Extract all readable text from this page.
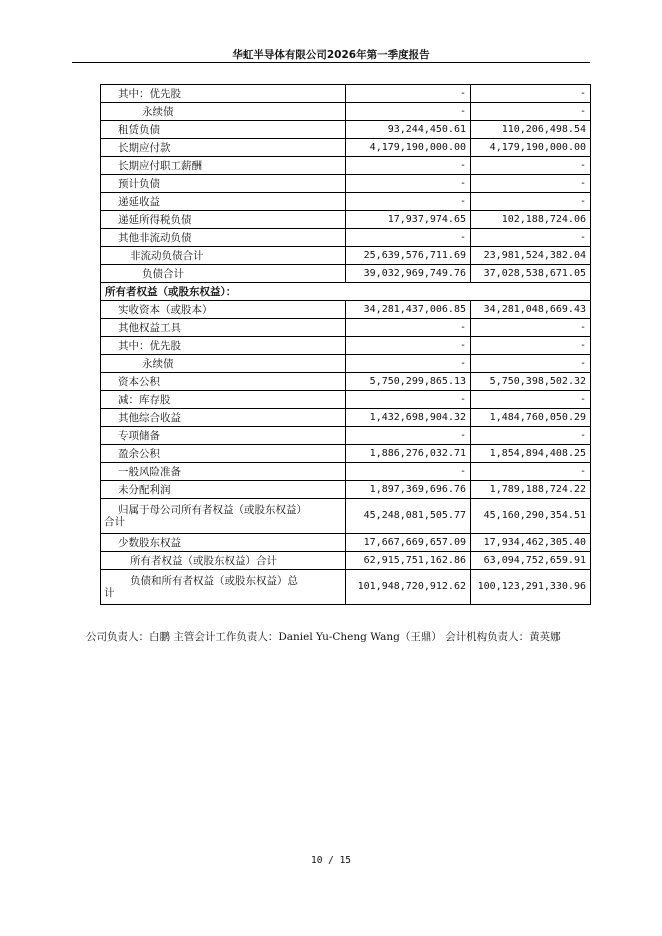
华虹半导体有限公司2026年第一季度报告
其中：优先股	-	-
永续债	-	-
租赁负债	93,244,450.61	110,206,498.54
长期应付款	4,179,190,000.00	4,179,190,000.00
长期应付职工薪酬	-	-
预计负债	-	-
递延收益	-	-
递延所得税负债	17,937,974.65	102,188,724.06
其他非流动负债	-	-
非流动负债合计	25,639,576,711.69	23,981,524,382.04
负债合计	39,032,969,749.76	37,028,538,671.05
所有者权益（或股东权益）：		
实收资本（或股本）	34,281,437,006.85	34,281,048,669.43
其他权益工具	-	-
其中：优先股	-	-
永续债	-	-
资本公积	5,750,299,865.13	5,750,398,502.32
减：库存股	-	-
其他综合收益	1,432,698,904.32	1,484,760,050.29
专项储备	-	-
盈余公积	1,886,276,032.71	1,854,894,408.25
一般风险准备	-	-
未分配利润	1,897,369,696.76	1,789,188,724.22

归属于母公司所有者权益（或股东权益）
合计	45,248,081,505.77	45,160,290,354.51
少数股东权益	17,667,669,657.09	17,934,462,305.40
所有者权益（或股东权益）合计	62,915,751,162.86	63,094,752,659.91

负债和所有者权益（或股东权益）总
计	101,948,720,912.62	100,123,291,330.96
公司负责人：白鹏 主管会计工作负责人：Daniel Yu-Cheng Wang（王鼎） 会计机构负责人：黄英娜
10 / 15
